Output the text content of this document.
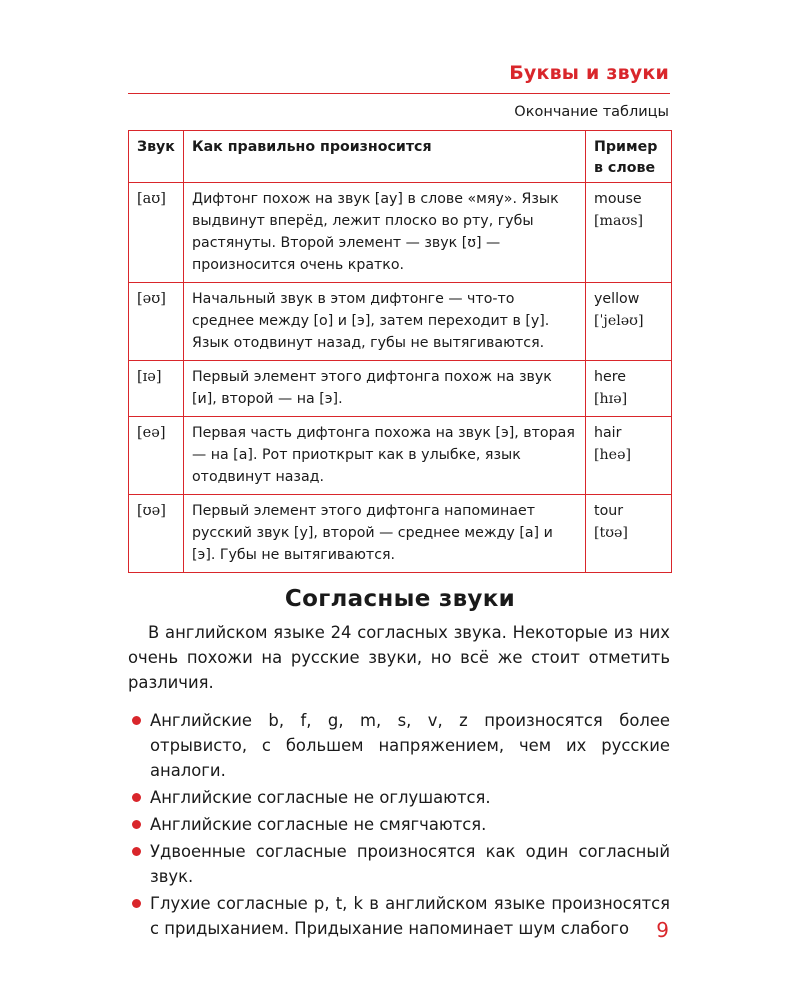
Буквы и звуки
Окончание таблицы
Звук	Как правильно произносится	Пример в слове
[aʊ]	Дифтонг похож на звук [ау] в слове «мяу». Язык выдвинут вперёд, лежит плоско во рту, губы растянуты. Второй элемент — звук [ʊ] — произносится очень кратко.	mouse
[maʊs]

[əʊ]	Начальный звук в этом дифтонге — что-то среднее между [о] и [э], затем переходит в [у]. Язык отодвинут назад, губы не вытягиваются.	yellow
[ˈjeləʊ]

[ɪə]	Первый элемент этого дифтонга похож на звук [и], второй — на [э].	here
[hɪə]

[eə]	Первая часть дифтонга похожа на звук [э], вторая — на [а]. Рот приоткрыт как в улыбке, язык отодвинут назад.	hair
[heə]

[ʊə]	Первый элемент этого дифтонга напоминает русский звук [у], второй — среднее между [а] и [э]. Губы не вытягиваются.	tour
[tʊə]
Согласные звуки

В английском языке 24 согласных звука. Некоторые из них очень похожи на русские звуки, но всё же стоит отметить различия.

Английские b, f, g, m, s, v, z произносятся более отрывисто, с большем напряжением, чем их русские аналоги.
Английские согласные не оглушаются.
Английские согласные не смягчаются.
Удвоенные согласные произносятся как один согласный звук.
Глухие согласные p, t, k в английском языке произносятся с придыханием. Придыхание напоминает шум слабого	9
